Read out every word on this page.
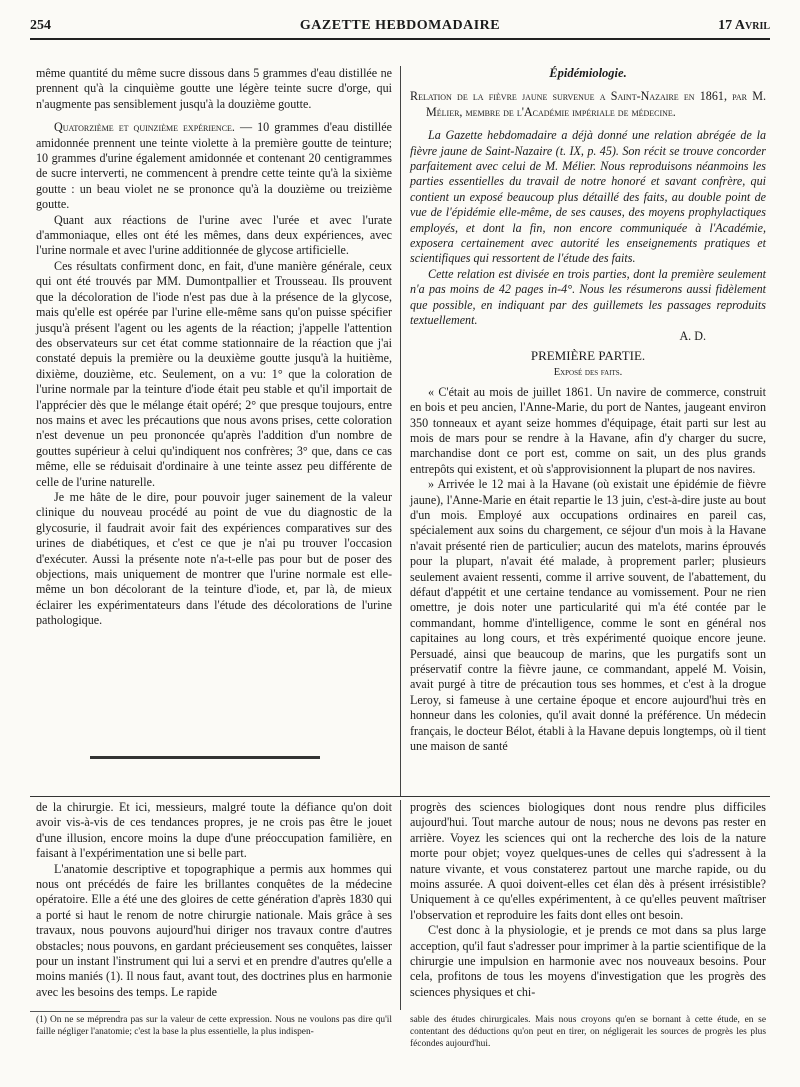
254	GAZETTE HEBDOMADAIRE	17 Avril

même quantité du même sucre dissous dans 5 grammes d'eau distillée ne prennent qu'à la cinquième goutte une légère teinte sucre d'orge, qui n'augmente pas sensiblement jusqu'à la douzième goutte.

Quatorzième et quinzième expérience. — 10 grammes d'eau distillée amidonnée prennent une teinte violette à la première goutte de teinture; 10 grammes d'urine également amidonnée et contenant 20 centigrammes de sucre interverti, ne commencent à prendre cette teinte qu'à la sixième goutte : un beau violet ne se prononce qu'à la douzième ou treizième goutte.

Quant aux réactions de l'urine avec l'urée et avec l'urate d'ammoniaque, elles ont été les mêmes, dans deux expériences, avec l'urine normale et avec l'urine additionnée de glycose artificielle.

Ces résultats confirment donc, en fait, d'une manière générale, ceux qui ont été trouvés par MM. Dumontpallier et Trousseau. Ils prouvent que la décoloration de l'iode n'est pas due à la présence de la glycose, mais qu'elle est opérée par l'urine elle-même sans qu'on puisse spécifier jusqu'à présent l'agent ou les agents de la réaction; j'appelle l'attention des observateurs sur cet état comme stationnaire de la réaction que j'ai constaté depuis la première ou la deuxième goutte jusqu'à la huitième, dixième, douzième, etc. Seulement, on a vu: 1° que la coloration de l'urine normale par la teinture d'iode était peu stable et qu'il importait de l'apprécier dès que le mélange était opéré; 2° que presque toujours, entre nos mains et avec les précautions que nous avons prises, cette coloration n'est devenue un peu prononcée qu'après l'addition d'un nombre de gouttes supérieur à celui qu'indiquent nos confrères; 3° que, dans ce cas même, elle se réduisait d'ordinaire à une teinte assez peu différente de celle de l'urine naturelle.

Je me hâte de le dire, pour pouvoir juger sainement de la valeur clinique du nouveau procédé au point de vue du diagnostic de la glycosurie, il faudrait avoir fait des expériences comparatives sur des urines de diabétiques, et c'est ce que je n'ai pu trouver l'occasion d'exécuter. Aussi la présente note n'a-t-elle pas pour but de poser des objections, mais uniquement de montrer que l'urine normale est elle-même un bon décolorant de la teinture d'iode, et, par là, de mieux éclairer les expérimentateurs dans l'étude des décolorations de l'urine pathologique.

Épidémiologie.

Relation de la fièvre jaune survenue a Saint-Nazaire en 1861, par M. Mélier, membre de l'Académie impériale de médecine.

La Gazette hebdomadaire a déjà donné une relation abrégée de la fièvre jaune de Saint-Nazaire (t. IX, p. 45). Son récit se trouve concorder parfaitement avec celui de M. Mélier. Nous reproduisons néanmoins les parties essentielles du travail de notre honoré et savant confrère, qui contient un exposé beaucoup plus détaillé des faits, au double point de vue de l'épidémie elle-même, de ses causes, des moyens prophylactiques employés, et dont la fin, non encore communiquée à l'Académie, exposera certainement avec autorité les enseignements pratiques et scientifiques qui ressortent de l'étude des faits.

Cette relation est divisée en trois parties, dont la première seulement n'a pas moins de 42 pages in-4°. Nous les résumerons aussi fidèlement que possible, en indiquant par des guillemets les passages reproduits textuellement.

A. D.

PREMIÈRE PARTIE.
Exposé des faits.

« C'était au mois de juillet 1861. Un navire de commerce, construit en bois et peu ancien, l'Anne-Marie, du port de Nantes, jaugeant environ 350 tonneaux et ayant seize hommes d'équipage, était parti sur lest au mois de mars pour se rendre à la Havane, afin d'y charger du sucre, marchandise dont ce port est, comme on sait, un des plus grands entrepôts qui existent, et où s'approvisionnent la plupart de nos navires.

» Arrivée le 12 mai à la Havane (où existait une épidémie de fièvre jaune), l'Anne-Marie en était repartie le 13 juin, c'est-à-dire juste au bout d'un mois. Employé aux occupations ordinaires en pareil cas, spécialement aux soins du chargement, ce séjour d'un mois à la Havane n'avait présenté rien de particulier; aucun des matelots, marins éprouvés pour la plupart, n'avait été malade, à proprement parler; plusieurs seulement avaient ressenti, comme il arrive souvent, de l'abattement, du défaut d'appétit et une certaine tendance au vomissement. Pour ne rien omettre, je dois noter une particularité qui m'a été contée par le commandant, homme d'intelligence, comme le sont en général nos capitaines au long cours, et très expérimenté quoique encore jeune. Persuadé, ainsi que beaucoup de marins, que les purgatifs sont un préservatif contre la fièvre jaune, ce commandant, appelé M. Voisin, avait purgé à titre de précaution tous ses hommes, et c'est à la drogue Leroy, si fameuse à une certaine époque et encore aujourd'hui très en honneur dans les colonies, qu'il avait donné la préférence. Un médecin français, le docteur Bélot, établi à la Havane depuis longtemps, où il tient une maison de santé

de la chirurgie. Et ici, messieurs, malgré toute la défiance qu'on doit avoir vis-à-vis de ces tendances propres, je ne crois pas être le jouet d'une illusion, encore moins la dupe d'une préoccupation familière, en faisant à l'expérimentation une si belle part.

L'anatomie descriptive et topographique a permis aux hommes qui nous ont précédés de faire les brillantes conquêtes de la médecine opératoire. Elle a été une des gloires de cette génération d'après 1830 qui a porté si haut le renom de notre chirurgie nationale. Mais grâce à ses travaux, nous pouvons aujourd'hui diriger nos travaux contre d'autres obstacles; nous pouvons, en gardant précieusement ses conquêtes, laisser pour un instant l'instrument qui lui a servi et en prendre d'autres qu'elle a moins maniés (1). Il nous faut, avant tout, des doctrines plus en harmonie avec les besoins des temps. Le rapide

progrès des sciences biologiques dont nous rendre plus difficiles aujourd'hui. Tout marche autour de nous; nous ne devons pas rester en arrière. Voyez les sciences qui ont la recherche des lois de la nature morte pour objet; voyez quelques-unes de celles qui s'adressent à la nature vivante, et vous constaterez partout une marche rapide, ou du moins assurée. A quoi doivent-elles cet élan dès à présent irrésistible? Uniquement à ce qu'elles expérimentent, à ce qu'elles peuvent maîtriser l'observation et reproduire les faits dont elles ont besoin.

C'est donc à la physiologie, et je prends ce mot dans sa plus large acception, qu'il faut s'adresser pour imprimer à la partie scientifique de la chirurgie une impulsion en harmonie avec nos nouveaux besoins. Pour cela, profitons de tous les moyens d'investigation que les progrès des sciences physiques et chi-

(1) On ne se méprendra pas sur la valeur de cette expression. Nous ne voulons pas dire qu'il faille négliger l'anatomie; c'est la base la plus essentielle, la plus indispen-
sable des études chirurgicales. Mais nous croyons qu'en se bornant à cette étude, en se contentant des déductions qu'on peut en tirer, on négligerait les sources de progrès les plus fécondes aujourd'hui.
